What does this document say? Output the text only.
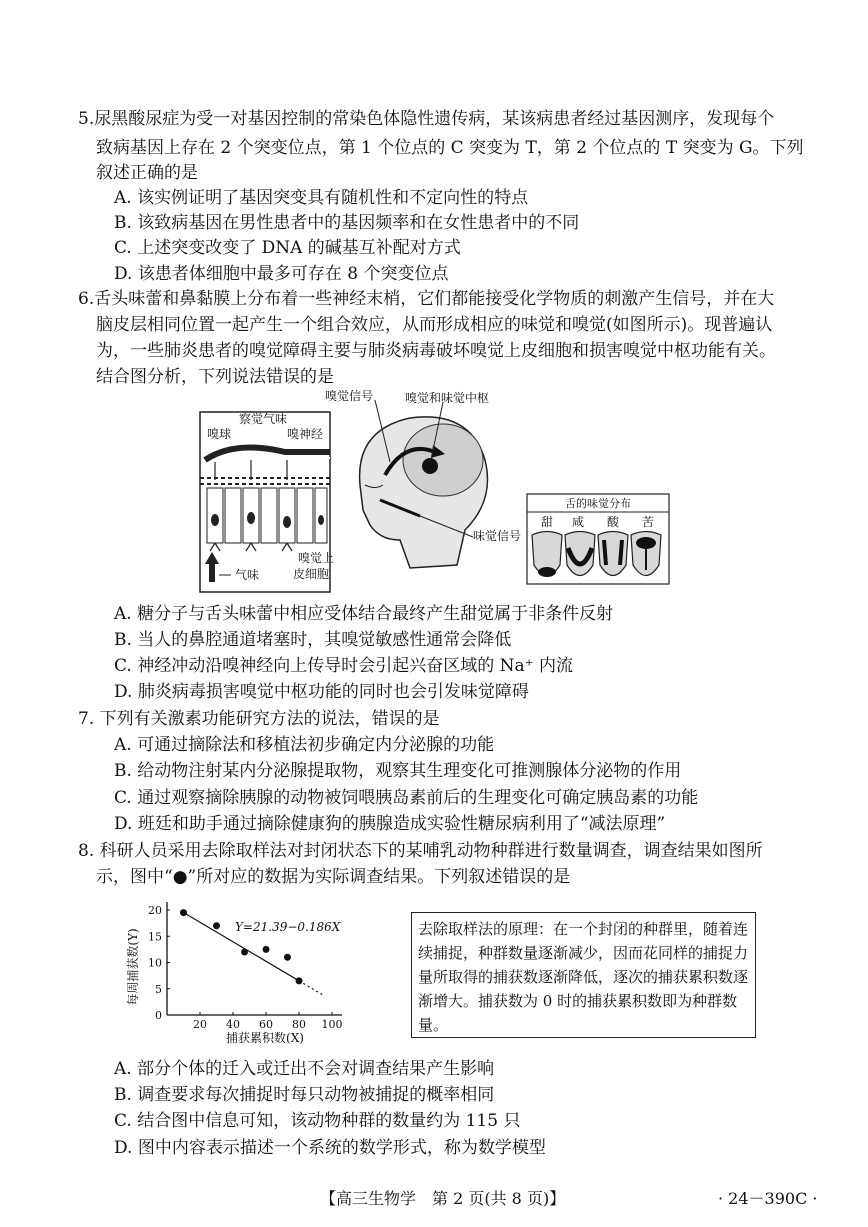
5.尿黑酸尿症为受一对基因控制的常染色体隐性遗传病，某该病患者经过基因测序，发现每个
致病基因上存在 2 个突变位点，第 1 个位点的 C 突变为 T，第 2 个位点的 T 突变为 G。下列
叙述正确的是
A. 该实例证明了基因突变具有随机性和不定向性的特点
B. 该致病基因在男性患者中的基因频率和在女性患者中的不同
C. 上述突变改变了 DNA 的碱基互补配对方式
D. 该患者体细胞中最多可存在 8 个突变位点
6.舌头味蕾和鼻黏膜上分布着一些神经末梢，它们都能接受化学物质的刺激产生信号，并在大
脑皮层相同位置一起产生一个组合效应，从而形成相应的味觉和嗅觉(如图所示)。现普遍认
为，一些肺炎患者的嗅觉障碍主要与肺炎病毒破坏嗅觉上皮细胞和损害嗅觉中枢功能有关。
结合图分析，下列说法错误的是
察觉气味
嗅球	嗅神经
嗅觉上
皮细胞
气味
嗅觉信号	嗅觉和味觉中枢
味觉信号
舌的味觉分布
甜 咸 酸 苦
A. 糖分子与舌头味蕾中相应受体结合最终产生甜觉属于非条件反射
B. 当人的鼻腔通道堵塞时，其嗅觉敏感性通常会降低
C. 神经冲动沿嗅神经向上传导时会引起兴奋区域的 Na⁺ 内流
D. 肺炎病毒损害嗅觉中枢功能的同时也会引发味觉障碍
7. 下列有关激素功能研究方法的说法，错误的是
A. 可通过摘除法和移植法初步确定内分泌腺的功能
B. 给动物注射某内分泌腺提取物，观察其生理变化可推测腺体分泌物的作用
C. 通过观察摘除胰腺的动物被饲喂胰岛素前后的生理变化可确定胰岛素的功能
D. 班廷和助手通过摘除健康狗的胰腺造成实验性糖尿病利用了“减法原理”
8. 科研人员采用去除取样法对封闭状态下的某哺乳动物种群进行数量调查，调查结果如图所
示，图中“●”所对应的数据为实际调查结果。下列叙述错误的是
20 40 60 80 100
0
5
10
15
20
Y=21.39−0.186X
捕获累积数(X)
每周捕获数(Y)	去除取样法的原理：在一个封闭的种群里，随着连续捕捉，种群数量逐渐减少，因而花同样的捕捉力量所取得的捕获数逐渐降低，逐次的捕获累积数逐渐增大。捕获数为 0 时的捕获累积数即为种群数量。
A. 部分个体的迁入或迁出不会对调查结果产生影响
B. 调查要求每次捕捉时每只动物被捕捉的概率相同
C. 结合图中信息可知，该动物种群的数量约为 115 只
D. 图中内容表示描述一个系统的数学形式，称为数学模型
【高三生物学　第 2 页(共 8 页)】	· 24－390C ·
